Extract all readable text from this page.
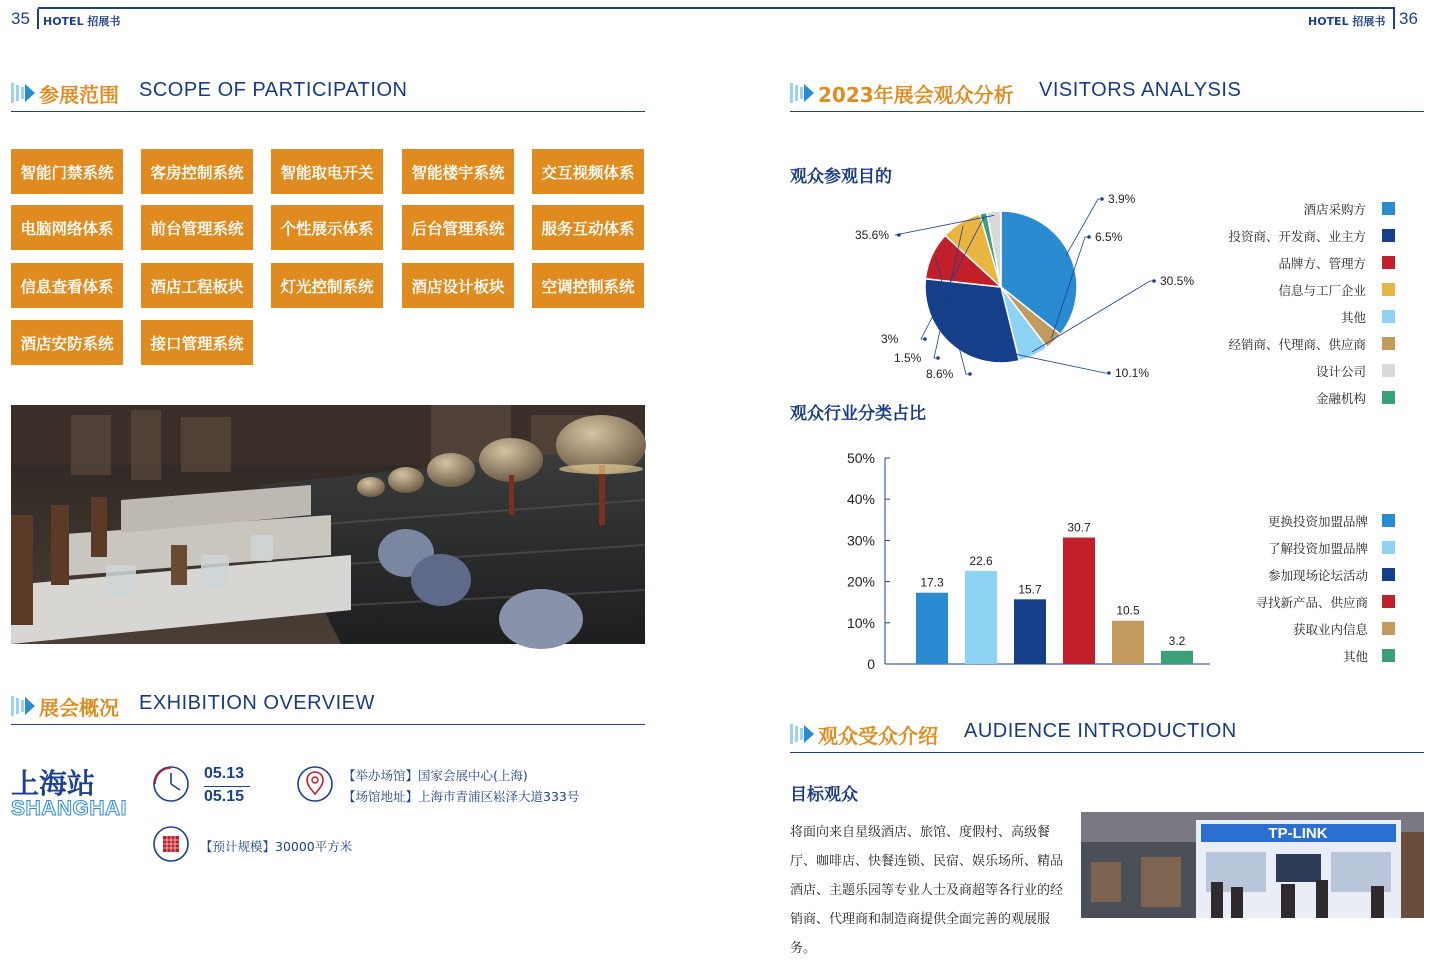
35 HOTEL 招展书	HOTEL 招展书 36
参展范围 SCOPE OF PARTICIPATION
智能门禁系统	客房控制系统	智能取电开关	智能楼宇系统	交互视频体系
电脑网络体系	前台管理系统	个性展示体系	后台管理系统	服务互动体系
信息查看体系	酒店工程板块	灯光控制系统	酒店设计板块	空调控制系统
酒店安防系统	接口管理系统
展会概况 EXHIBITION OVERVIEW
上海站
SHANGHAI
05.13
05.15
【举办场馆】国家会展中心(上海)
【场馆地址】上海市青浦区崧泽大道333号
【预计规模】30000平方米
2023年展会观众分析 VISITORS ANALYSIS
观众参观目的
3.9%
6.5%
30.5%
10.1%
8.6%
1.5%
3%
35.6%
酒店采购方
投资商、开发商、业主方
品牌方、管理方
信息与工厂企业
其他
经销商、代理商、供应商
设计公司
金融机构
观众行业分类占比
0
10%
20%
30%
40%
50%
17.3
22.6
15.7
30.7
10.5
3.2
更换投资加盟品牌
了解投资加盟品牌
参加现场论坛活动
寻找新产品、供应商
获取业内信息
其他
观众受众介绍 AUDIENCE INTRODUCTION
目标观众

将面向来自星级酒店、旅馆、度假村、高级餐厅、咖啡店、快餐连锁、民宿、娱乐场所、精品酒店、主题乐园等专业人士及商超等各行业的经销商、代理商和制造商提供全面完善的观展服务。

TP-LINK
